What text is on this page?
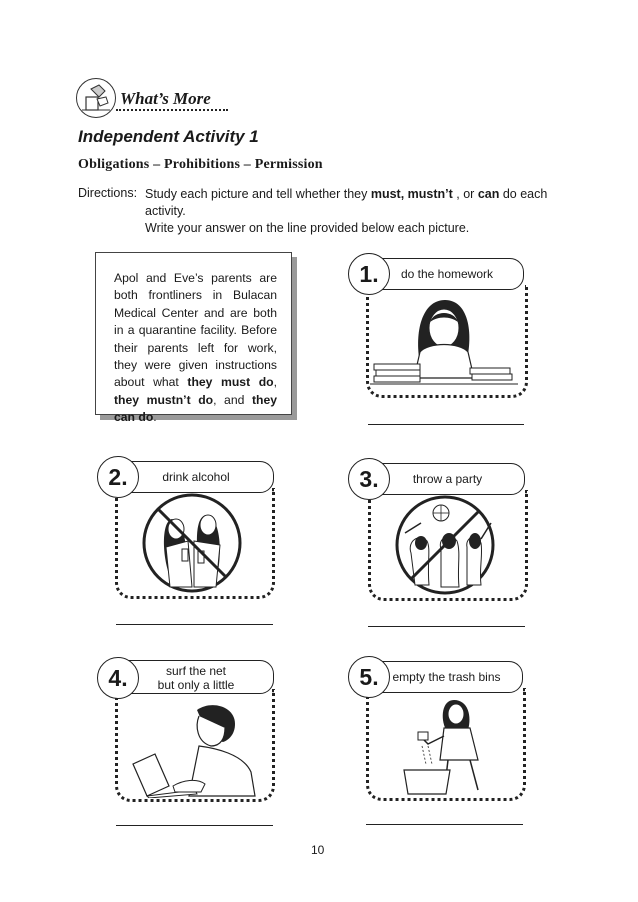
What’s More
Independent Activity 1
Obligations – Prohibitions – Permission
Directions: Study each picture and tell whether they must, mustn’t , or can do each activity.
Write your answer on the line provided below each picture.
Apol and Eve’s parents are both frontliners in Bulacan Medical Center and are both in a quarantine facility. Before their parents left for work, they were given instructions about what they must do, they mustn’t do, and they can do.
do the homework
1.
drink alcohol
2.	throw a party
3.
surf the net
but only a little
4.	empty the trash bins
5.
10
